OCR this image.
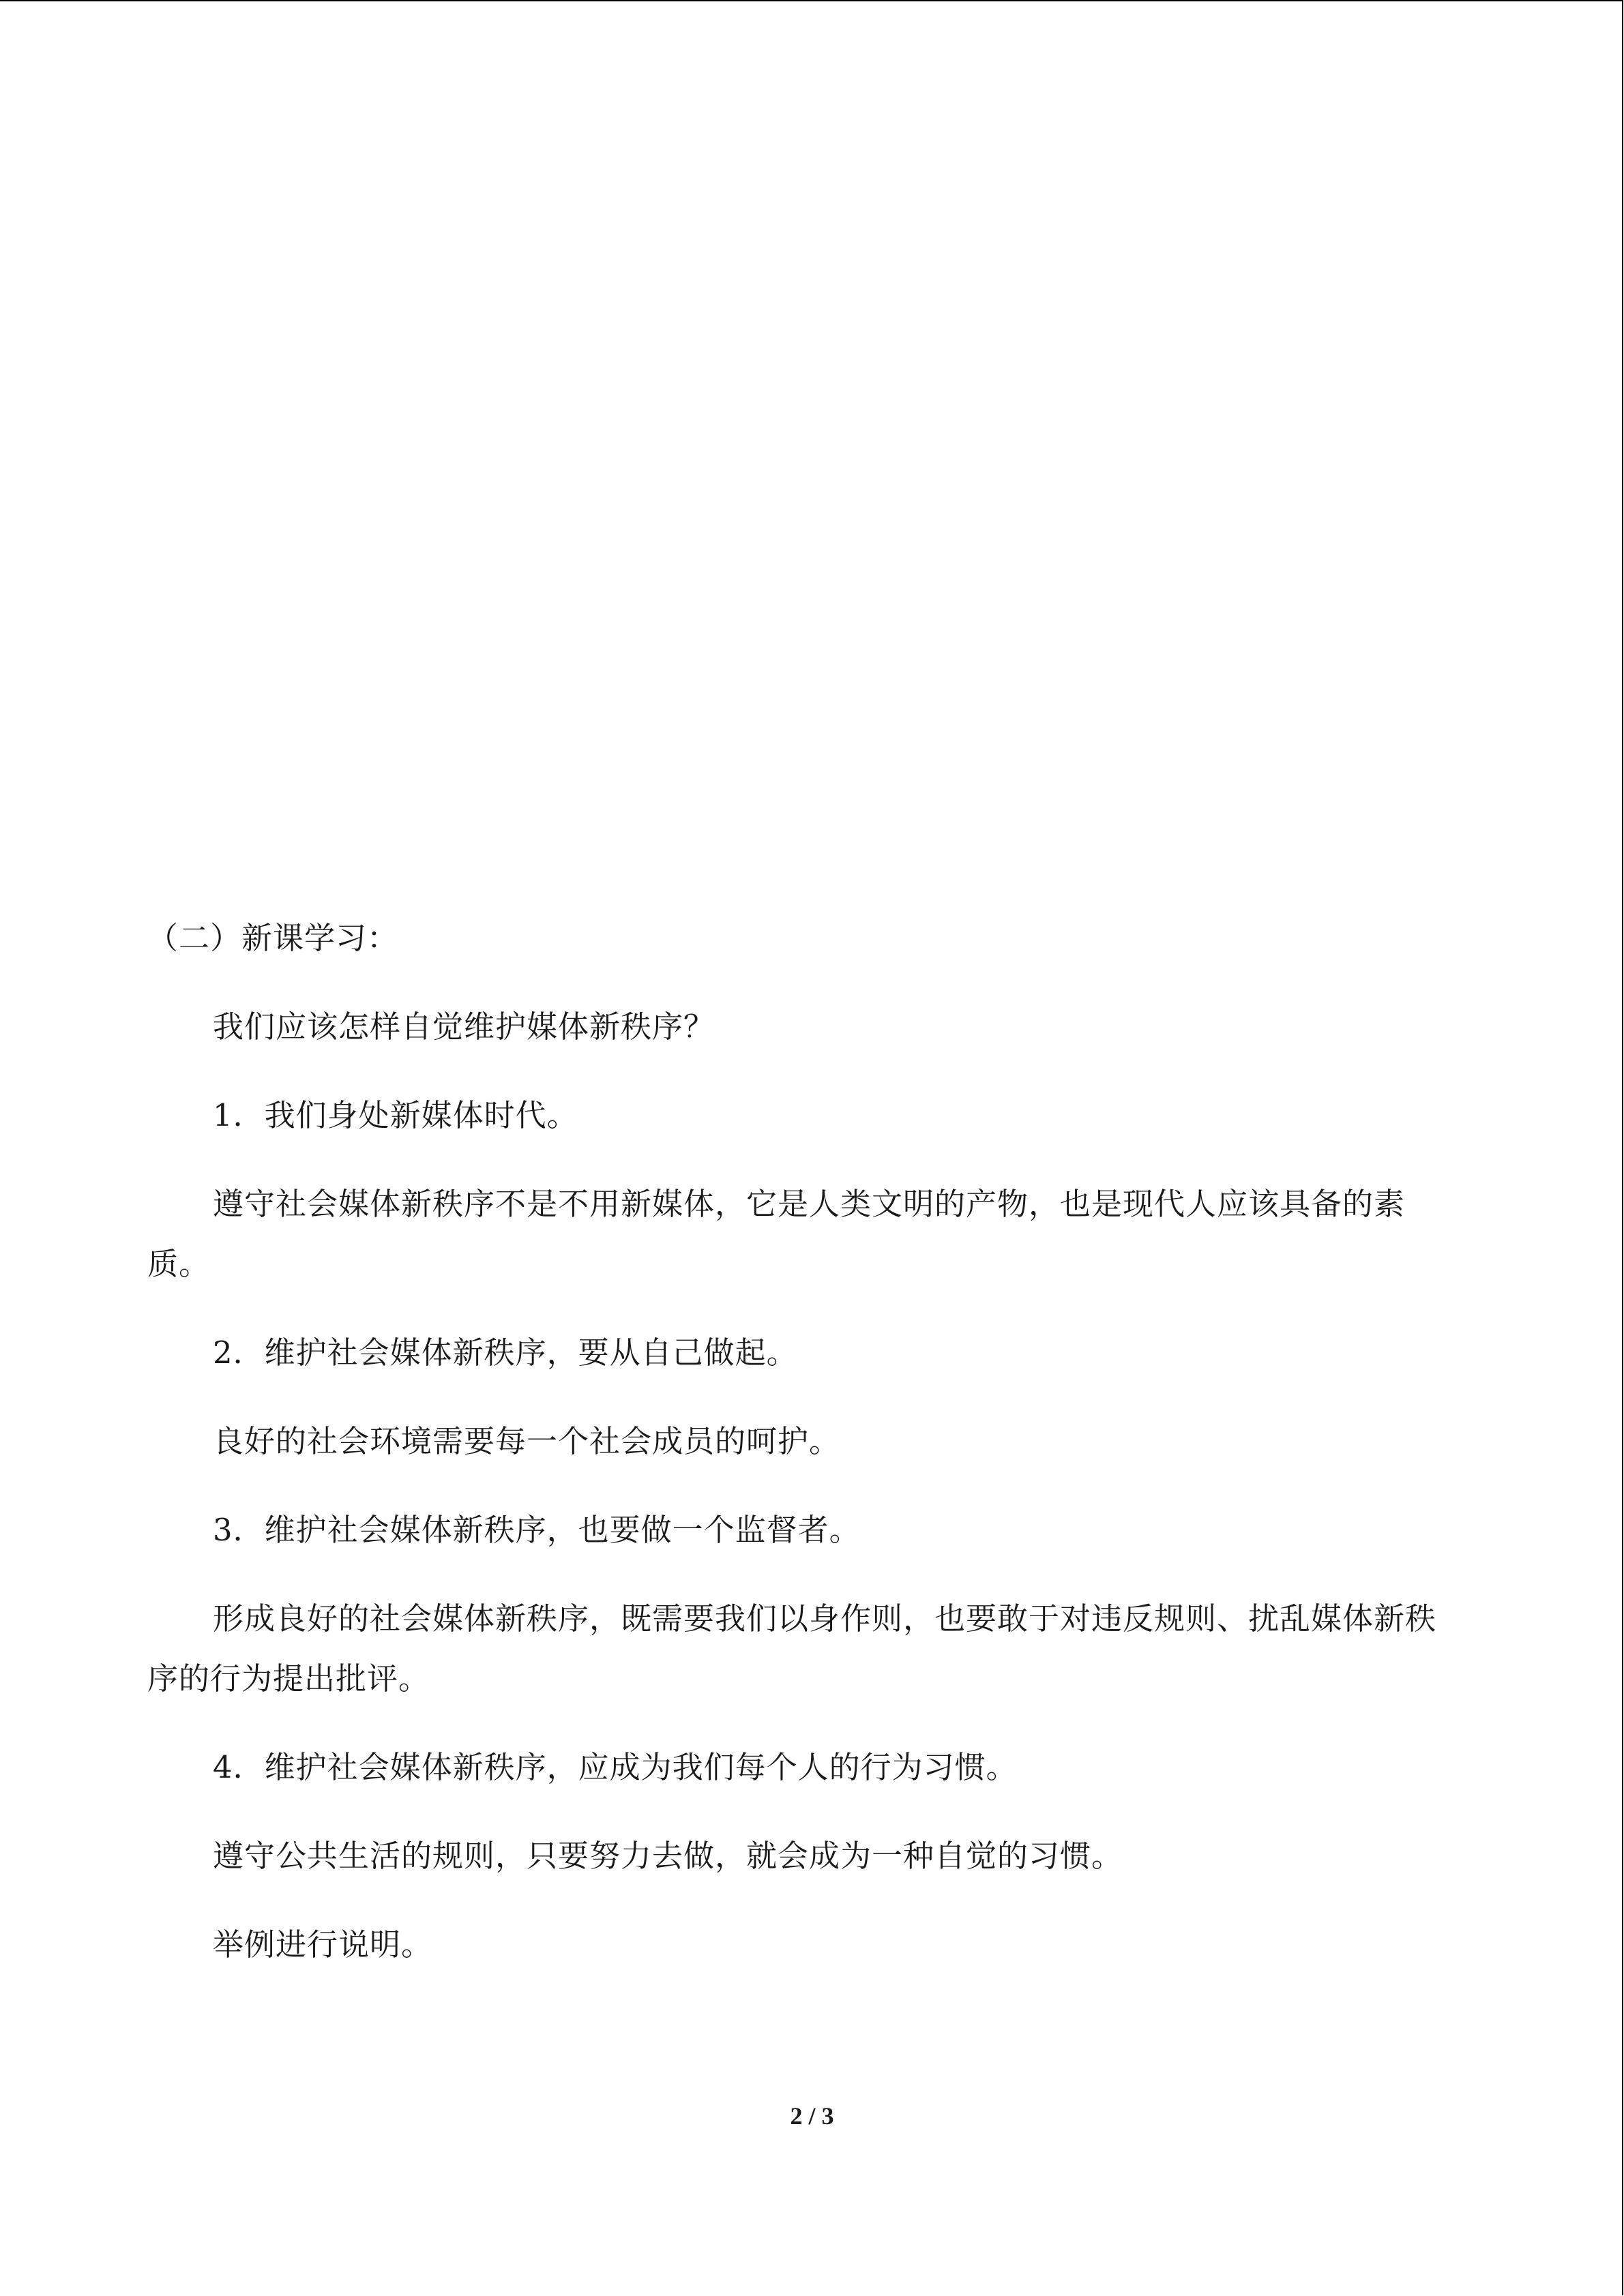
（二）新课学习：

我们应该怎样自觉维护媒体新秩序？

1．我们身处新媒体时代。

遵守社会媒体新秩序不是不用新媒体，它是人类文明的产物，也是现代人应该具备的素质。

2．维护社会媒体新秩序，要从自己做起。

良好的社会环境需要每一个社会成员的呵护。

3．维护社会媒体新秩序，也要做一个监督者。

形成良好的社会媒体新秩序，既需要我们以身作则，也要敢于对违反规则、扰乱媒体新秩序的行为提出批评。

4．维护社会媒体新秩序，应成为我们每个人的行为习惯。

遵守公共生活的规则，只要努力去做，就会成为一种自觉的习惯。

举例进行说明。

2 / 3
